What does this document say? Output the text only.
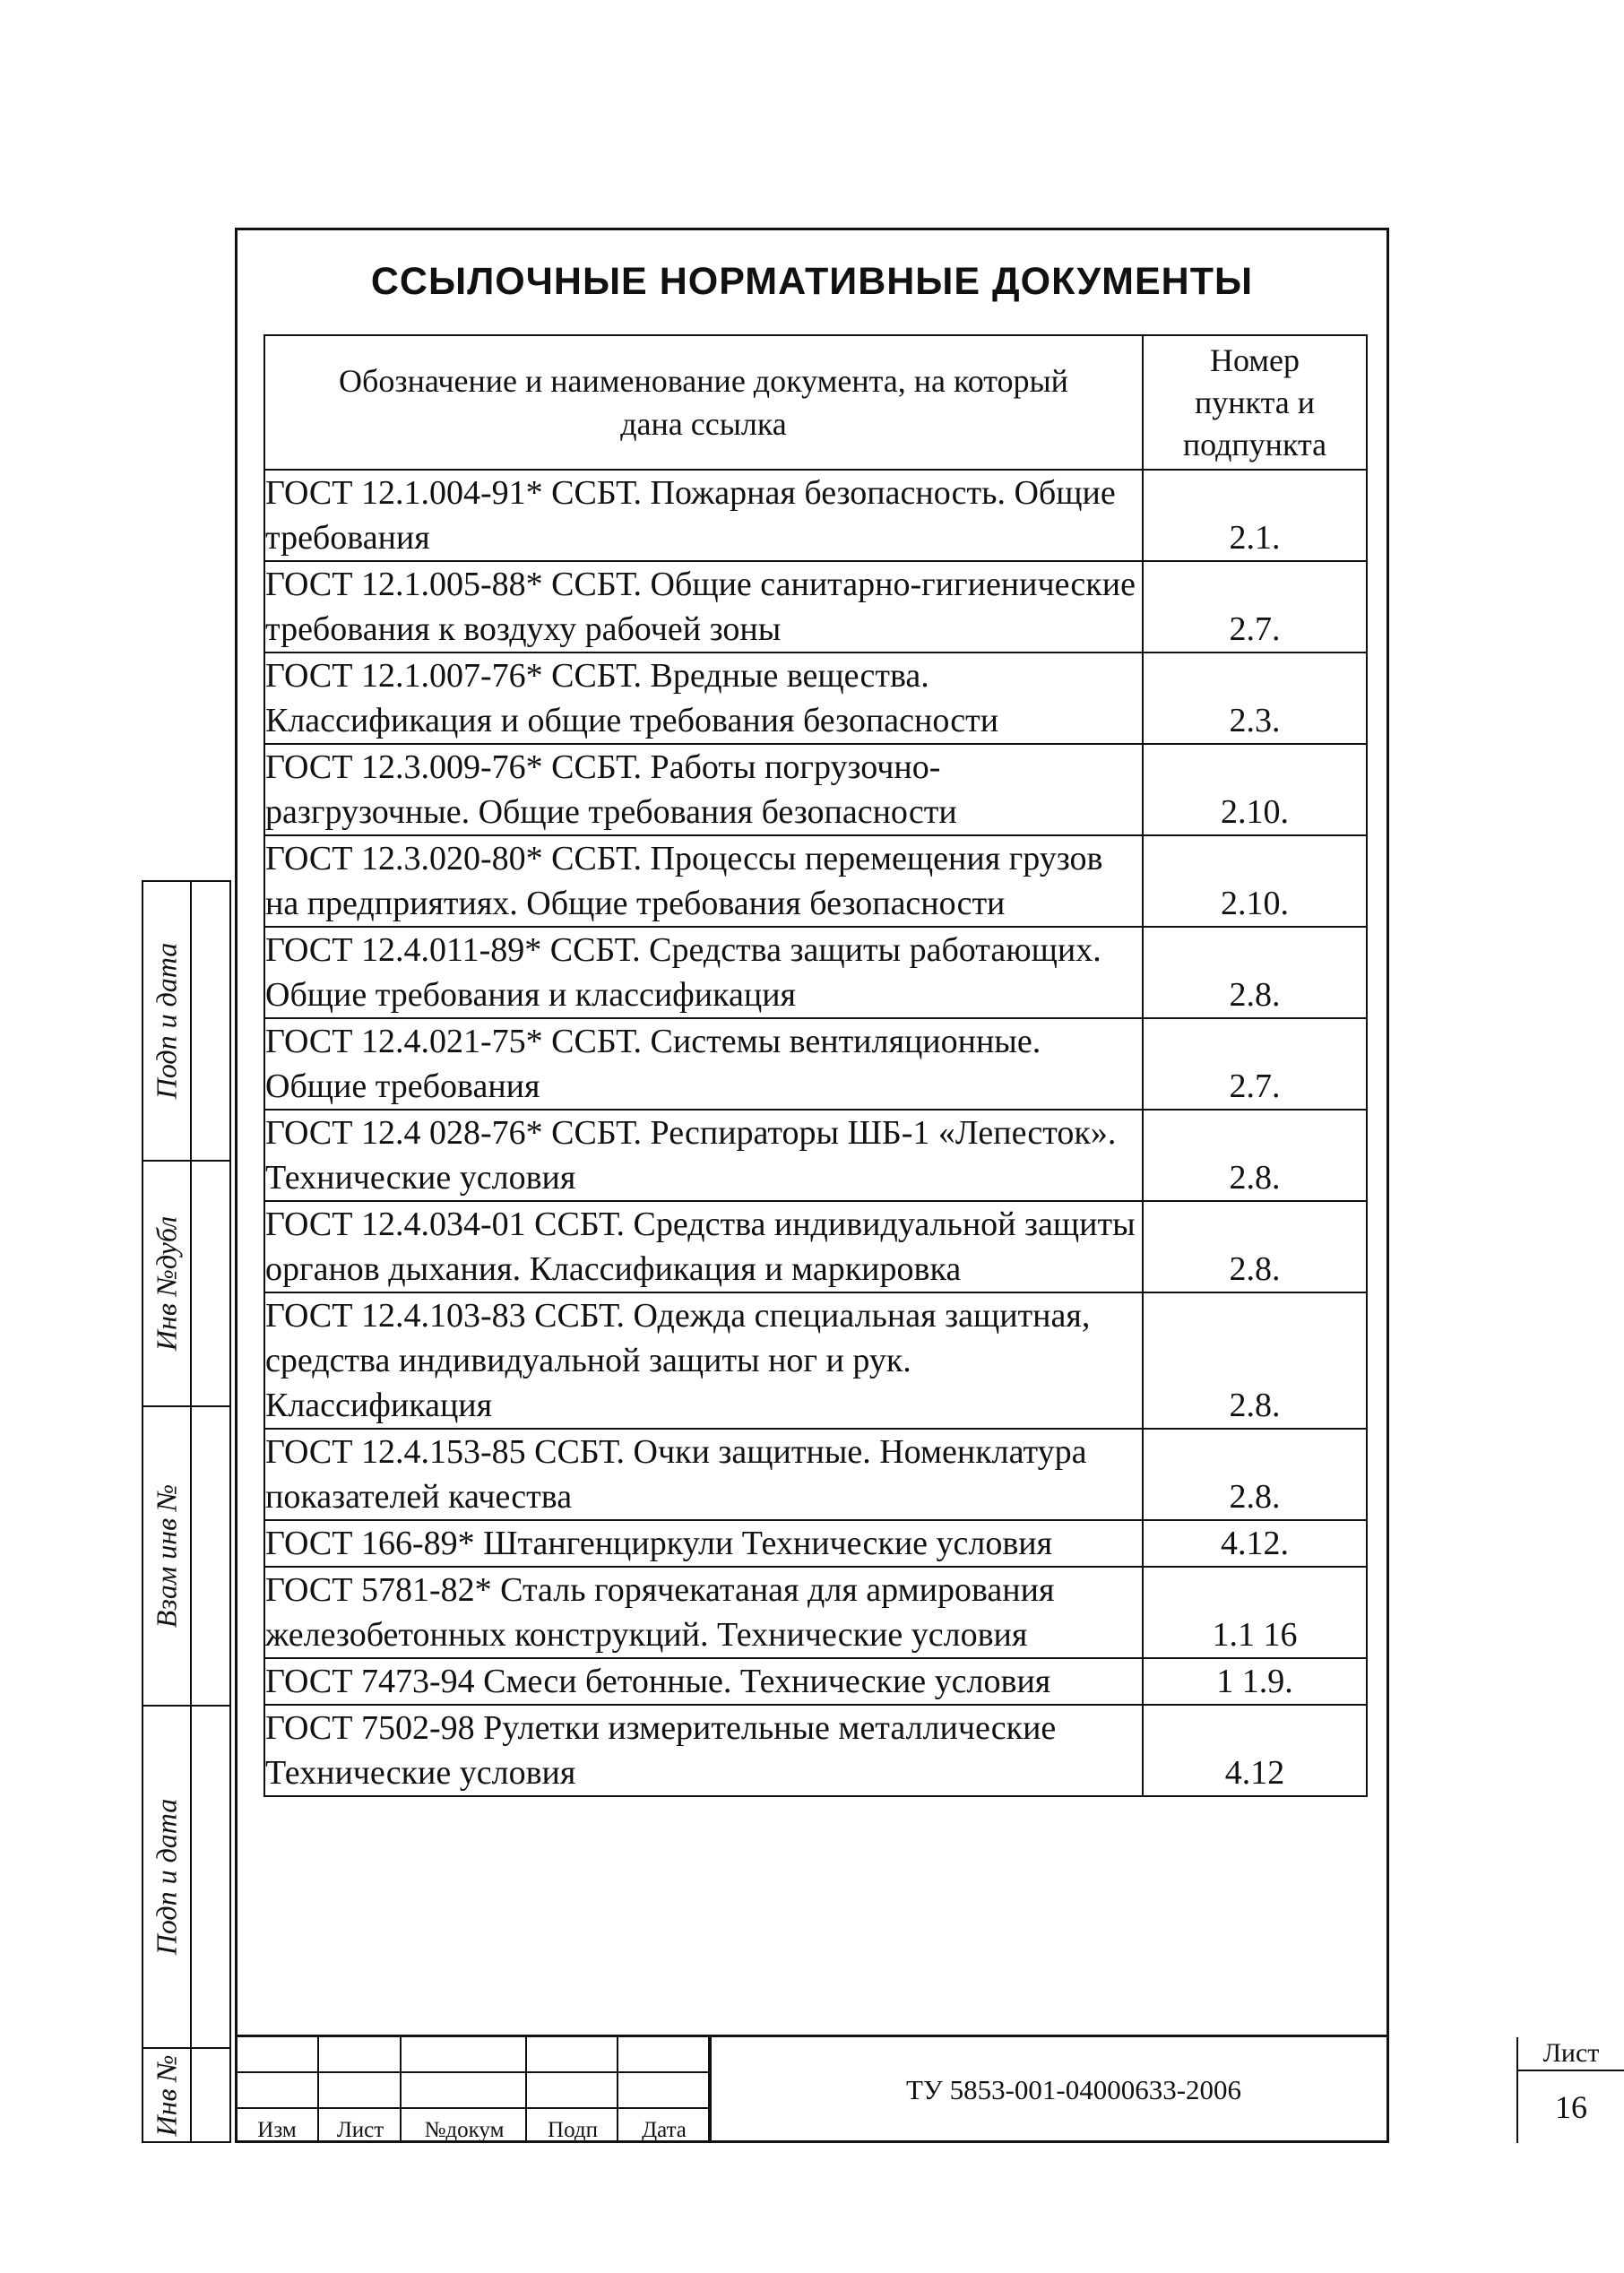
ССЫЛОЧНЫЕ НОРМАТИВНЫЕ ДОКУМЕНТЫ
Обозначение и наименование документа, на который дана ссылка	Номер пункта и подпункта
ГОСТ 12.1.004-91* ССБТ. Пожарная безопасность. Общие требования	2.1.
ГОСТ 12.1.005-88* ССБТ. Общие санитарно-гигиенические требования к воздуху рабочей зоны	2.7.
ГОСТ 12.1.007-76* ССБТ. Вредные вещества. Классификация и общие требования безопасности	2.3.
ГОСТ 12.3.009-76* ССБТ. Работы погрузочно-разгрузочные. Общие требования безопасности	2.10.
ГОСТ 12.3.020-80* ССБТ. Процессы перемещения грузов на предприятиях. Общие требования безопасности	2.10.
ГОСТ 12.4.011-89* ССБТ. Средства защиты работающих. Общие требования и классификация	2.8.
ГОСТ 12.4.021-75* ССБТ. Системы вентиляционные. Общие требования	2.7.
ГОСТ 12.4 028-76* ССБТ. Респираторы ШБ-1 «Лепесток». Технические условия	2.8.
ГОСТ 12.4.034-01 ССБТ. Средства индивидуальной защиты органов дыхания. Классификация и маркировка	2.8.
ГОСТ 12.4.103-83 ССБТ. Одежда специальная защитная, средства индивидуальной защиты ног и рук. Классификация	2.8.
ГОСТ 12.4.153-85 ССБТ. Очки защитные. Номенклатура показателей качества	2.8.
ГОСТ 166-89* Штангенциркули Технические условия	4.12.
ГОСТ 5781-82* Сталь горячекатаная для армирования железобетонных конструкций. Технические условия	1.1 16
ГОСТ 7473-94 Смеси бетонные. Технические условия	1 1.9.
ГОСТ 7502-98 Рулетки измерительные металлические Технические условия	4.12
Подп и дата
Инв №дубл
Взам инв №
Подп и дата
Инв №	Изм	Лист	№докум	Подп	Дата
ТУ 5853-001-04000633-2006
Лист
16
